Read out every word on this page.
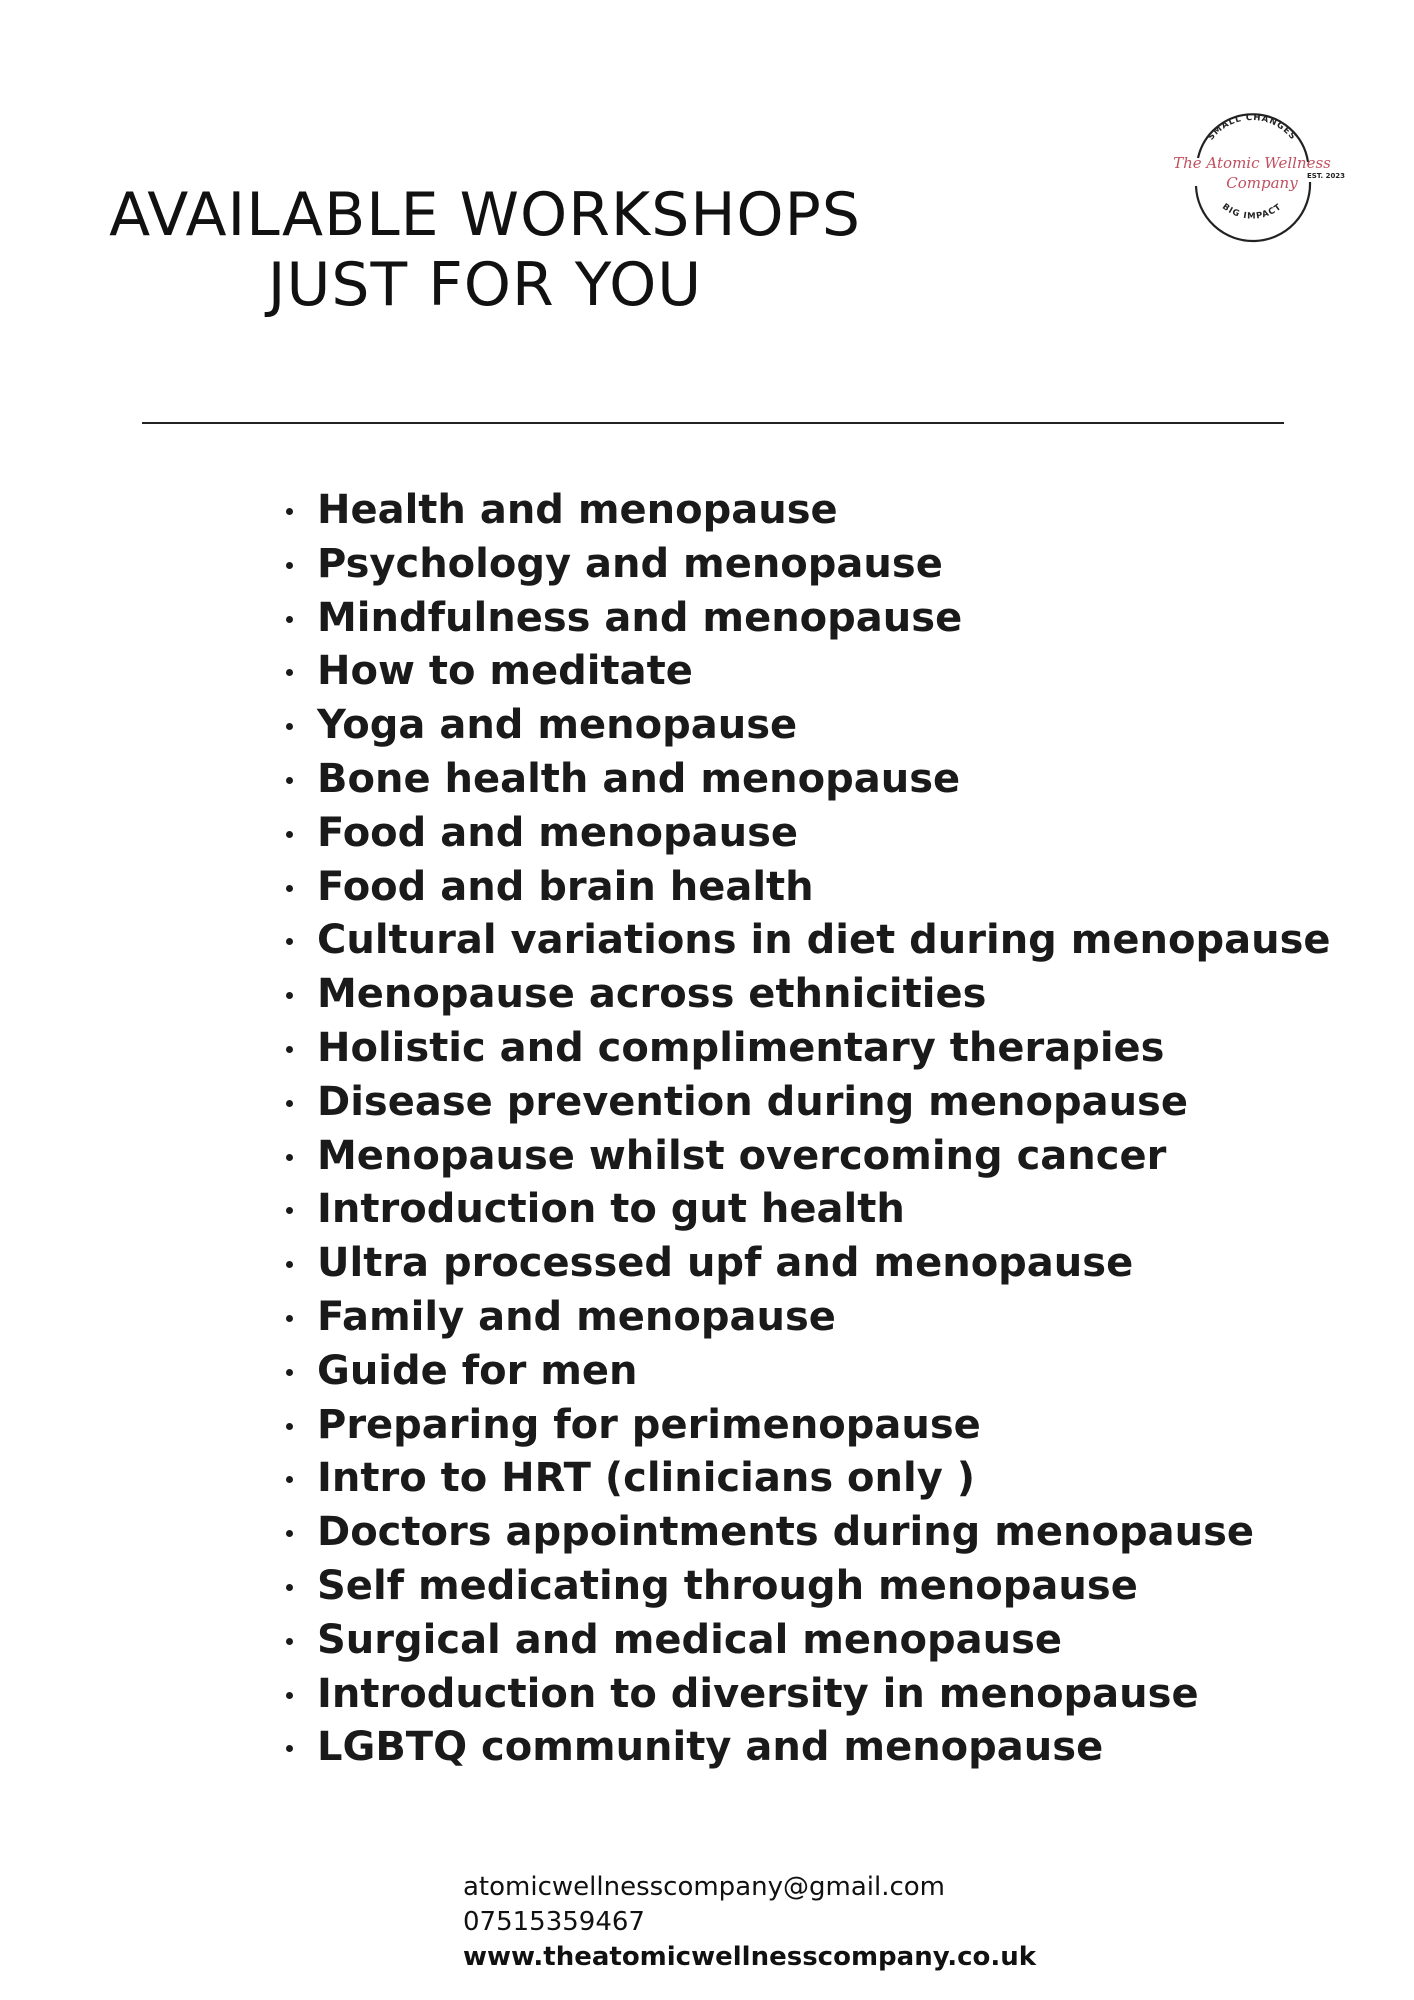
AVAILABLE WORKSHOPS
JUST FOR YOU
SMALL CHANGES
BIG IMPACT
The Atomic Wellness
Company EST. 2023
Health and menopause
Psychology and menopause
Mindfulness and menopause
How to meditate
Yoga and menopause
Bone health and menopause
Food and menopause
Food and brain health
Cultural variations in diet during menopause
Menopause across ethnicities
Holistic and complimentary therapies
Disease prevention during menopause
Menopause whilst overcoming cancer
Introduction to gut health
Ultra processed upf and menopause
Family and menopause
Guide for men
Preparing for perimenopause
Intro to HRT (clinicians only )
Doctors appointments during menopause
Self medicating through menopause
Surgical and medical menopause
Introduction to diversity in menopause
LGBTQ community and menopause
atomicwellnesscompany@gmail.com
07515359467
www.theatomicwellnesscompany.co.uk
